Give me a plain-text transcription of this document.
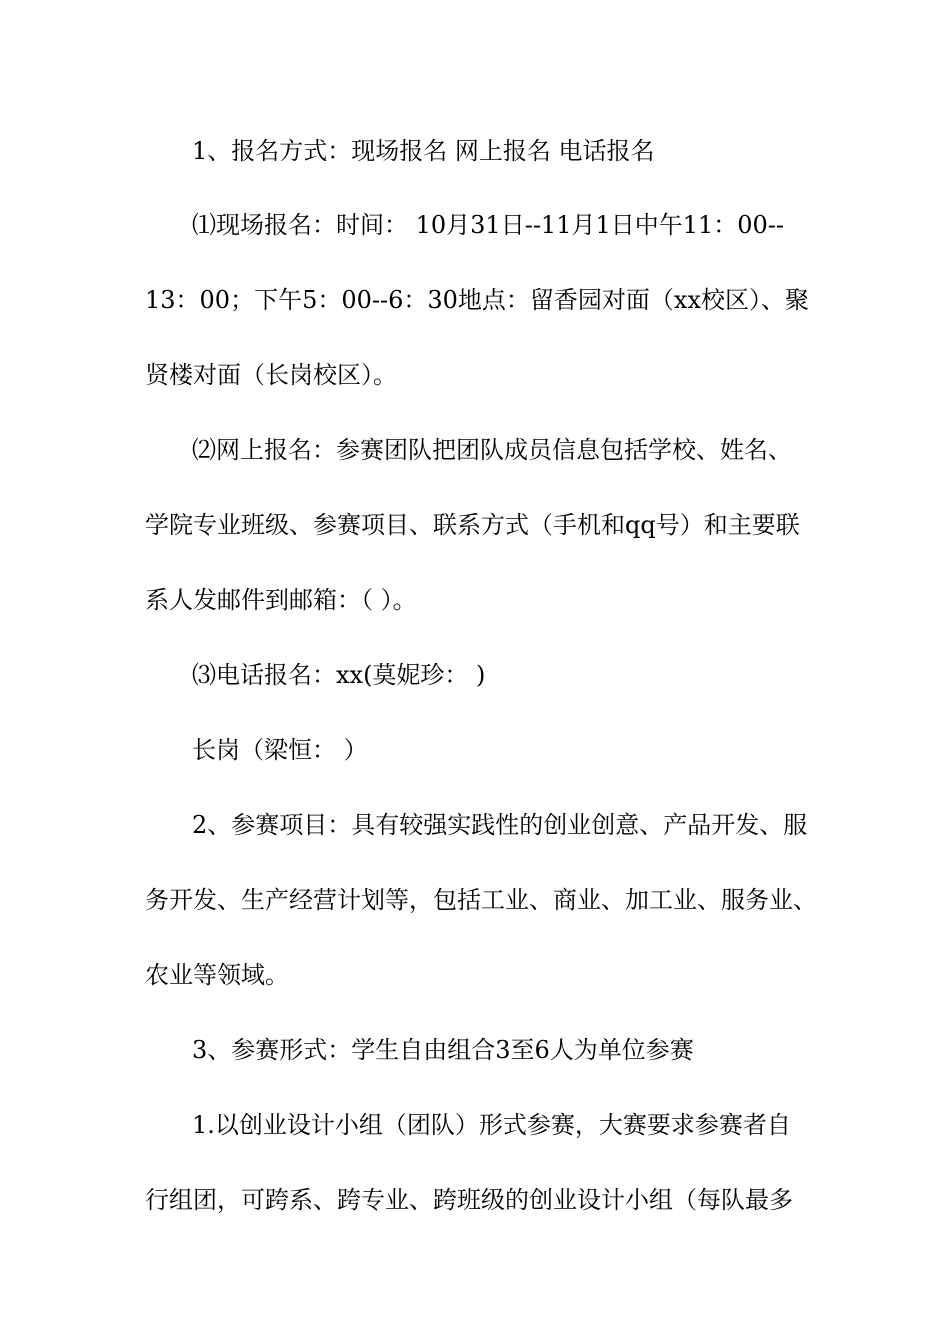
1、报名方式：现场报名 网上报名 电话报名
⑴现场报名：时间： 10月31日--11月1日中午11：00--
13：00；下午5：00--6：30地点：留香园对面（xx校区）、聚
贤楼对面（长岗校区）。
⑵网上报名：参赛团队把团队成员信息包括学校、姓名、
学院专业班级、参赛项目、联系方式（手机和qq号）和主要联
系人发邮件到邮箱：（ ）。
⑶电话报名：xx(莫妮珍： )
长岗（梁恒： ）
2、参赛项目：具有较强实践性的创业创意、产品开发、服
务开发、生产经营计划等，包括工业、商业、加工业、服务业、
农业等领域。
3、参赛形式：学生自由组合3至6人为单位参赛
1.以创业设计小组（团队）形式参赛，大赛要求参赛者自
行组团，可跨系、跨专业、跨班级的创业设计小组（每队最多
